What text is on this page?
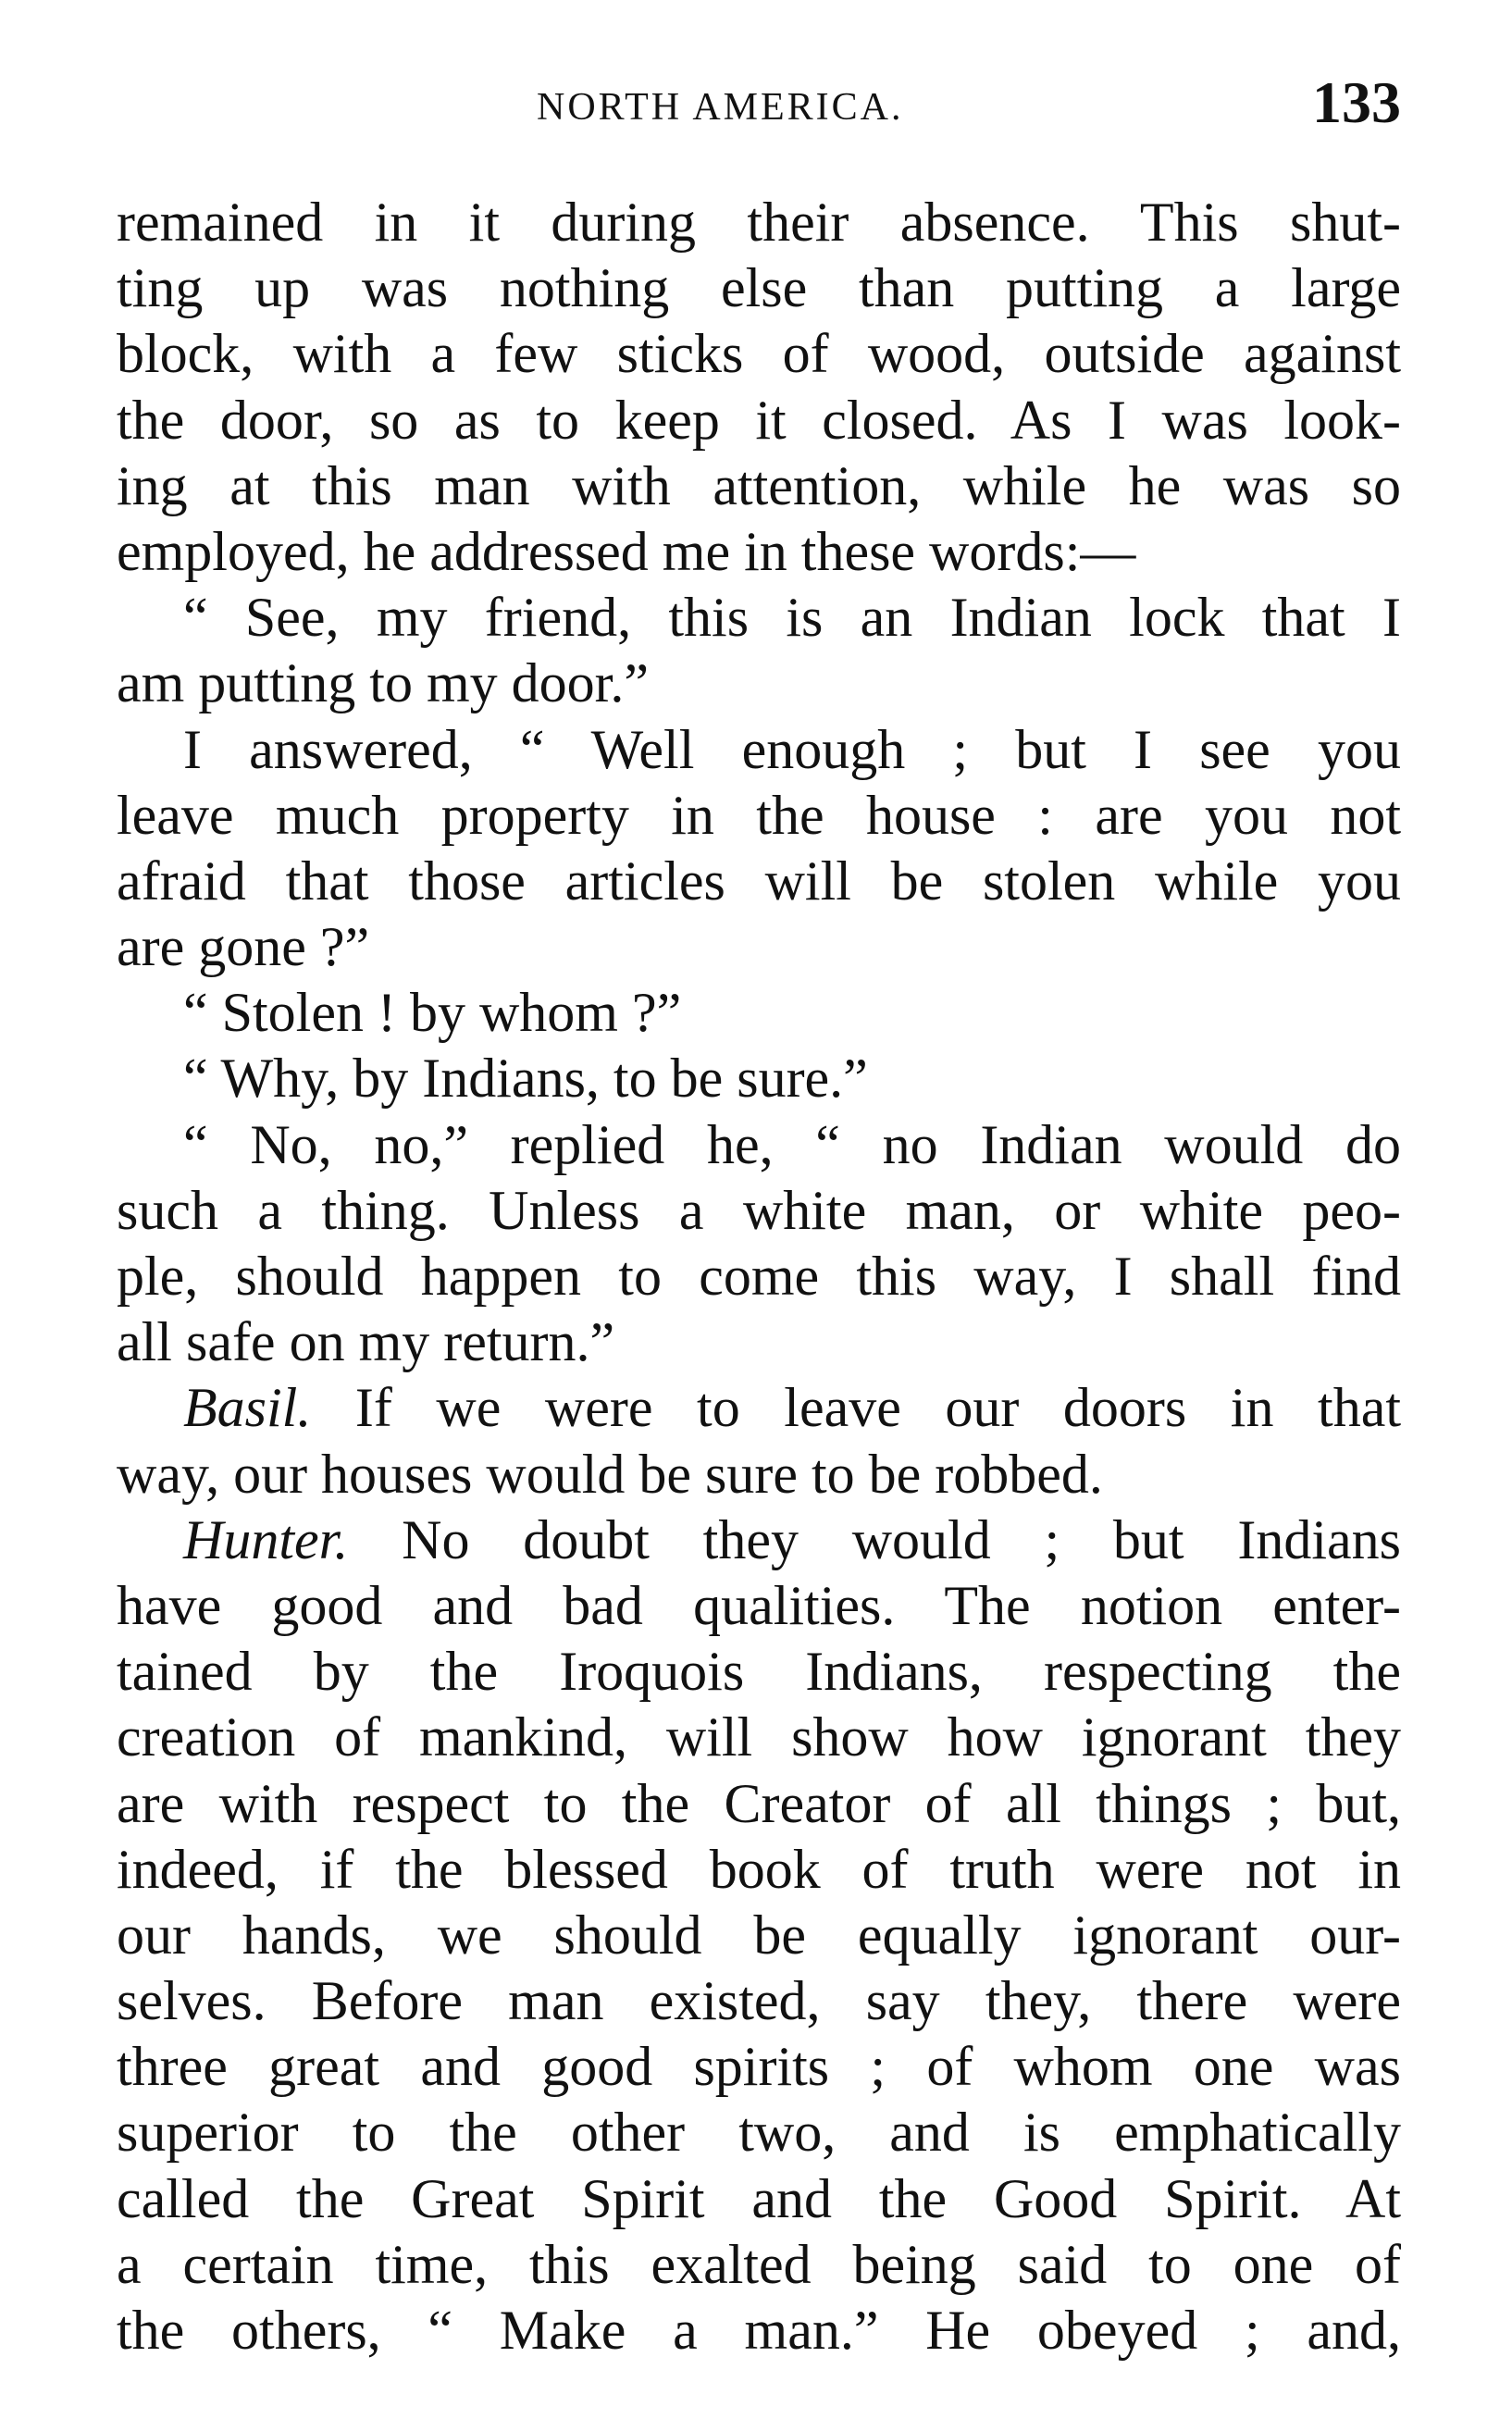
NORTH AMERICA.	133
remained in it during their absence. This shut-
ting up was nothing else than putting a large
block, with a few sticks of wood, outside against
the door, so as to keep it closed. As I was look-
ing at this man with attention, while he was so
employed, he addressed me in these words:—
“ See, my friend, this is an Indian lock that I
am putting to my door.”
I answered, “ Well enough ; but I see you
leave much property in the house : are you not
afraid that those articles will be stolen while you
are gone ?”
“ Stolen ! by whom ?”
“ Why, by Indians, to be sure.”
“ No, no,” replied he, “ no Indian would do
such a thing. Unless a white man, or white peo-
ple, should happen to come this way, I shall find
all safe on my return.”
Basil. If we were to leave our doors in that
way, our houses would be sure to be robbed.
Hunter. No doubt they would ; but Indians
have good and bad qualities. The notion enter-
tained by the Iroquois Indians, respecting the
creation of mankind, will show how ignorant they
are with respect to the Creator of all things ; but,
indeed, if the blessed book of truth were not in
our hands, we should be equally ignorant our-
selves. Before man existed, say they, there were
three great and good spirits ; of whom one was
superior to the other two, and is emphatically
called the Great Spirit and the Good Spirit. At
a certain time, this exalted being said to one of
the others, “ Make a man.” He obeyed ; and,
